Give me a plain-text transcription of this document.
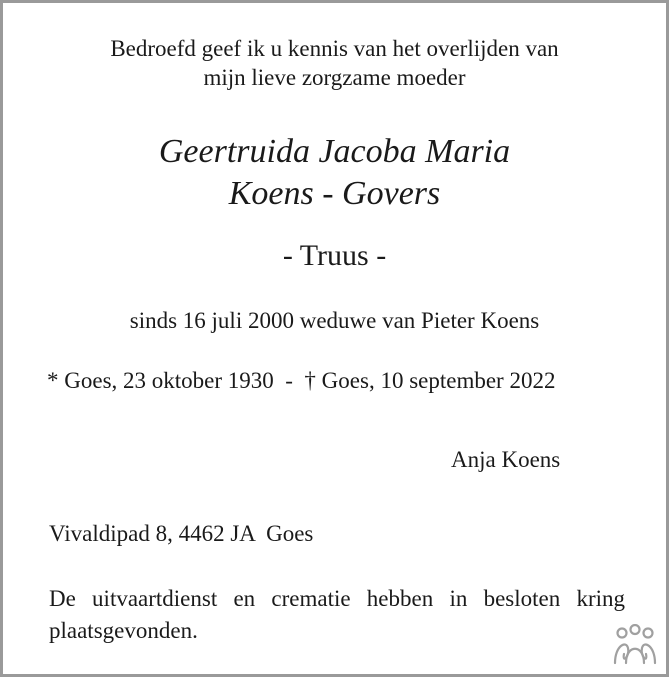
Bedroefd geef ik u kennis van het overlijden van
mijn lieve zorgzame moeder
Geertruida Jacoba Maria
Koens - Govers
- Truus -
sinds 16 juli 2000 weduwe van Pieter Koens
* Goes, 23 oktober 1930  -  † Goes, 10 september 2022
Anja Koens
Vivaldipad 8, 4462 JA  Goes
De uitvaartdienst en crematie hebben in besloten kring plaatsgevonden.
